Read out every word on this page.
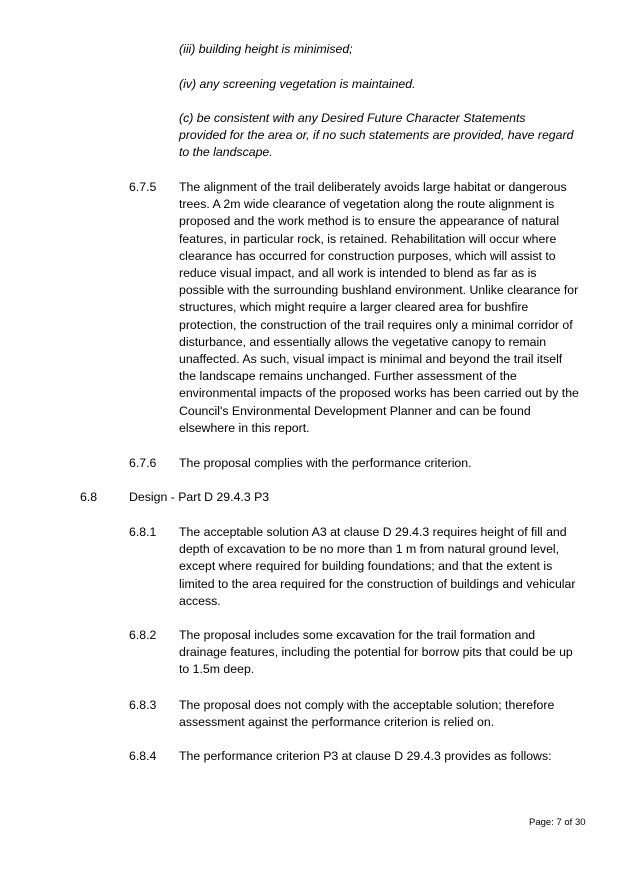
(iii) building height is minimised;
(iv) any screening vegetation is maintained.
(c) be consistent with any Desired Future Character Statements
provided for the area or, if no such statements are provided, have regard
to the landscape.
6.7.5 The alignment of the trail deliberately avoids large habitat or dangerous
trees. A 2m wide clearance of vegetation along the route alignment is
proposed and the work method is to ensure the appearance of natural
features, in particular rock, is retained. Rehabilitation will occur where
clearance has occurred for construction purposes, which will assist to
reduce visual impact, and all work is intended to blend as far as is
possible with the surrounding bushland environment. Unlike clearance for
structures, which might require a larger cleared area for bushfire
protection, the construction of the trail requires only a minimal corridor of
disturbance, and essentially allows the vegetative canopy to remain
unaffected. As such, visual impact is minimal and beyond the trail itself
the landscape remains unchanged. Further assessment of the
environmental impacts of the proposed works has been carried out by the
Council's Environmental Development Planner and can be found
elsewhere in this report.
6.7.6 The proposal complies with the performance criterion.
6.8	Design - Part D 29.4.3 P3
6.8.1 The acceptable solution A3 at clause D 29.4.3 requires height of fill and
depth of excavation to be no more than 1 m from natural ground level,
except where required for building foundations; and that the extent is
limited to the area required for the construction of buildings and vehicular
access.
6.8.2 The proposal includes some excavation for the trail formation and
drainage features, including the potential for borrow pits that could be up
to 1.5m deep.
6.8.3 The proposal does not comply with the acceptable solution; therefore
assessment against the performance criterion is relied on.
6.8.4 The performance criterion P3 at clause D 29.4.3 provides as follows:
Page: 7 of 30
